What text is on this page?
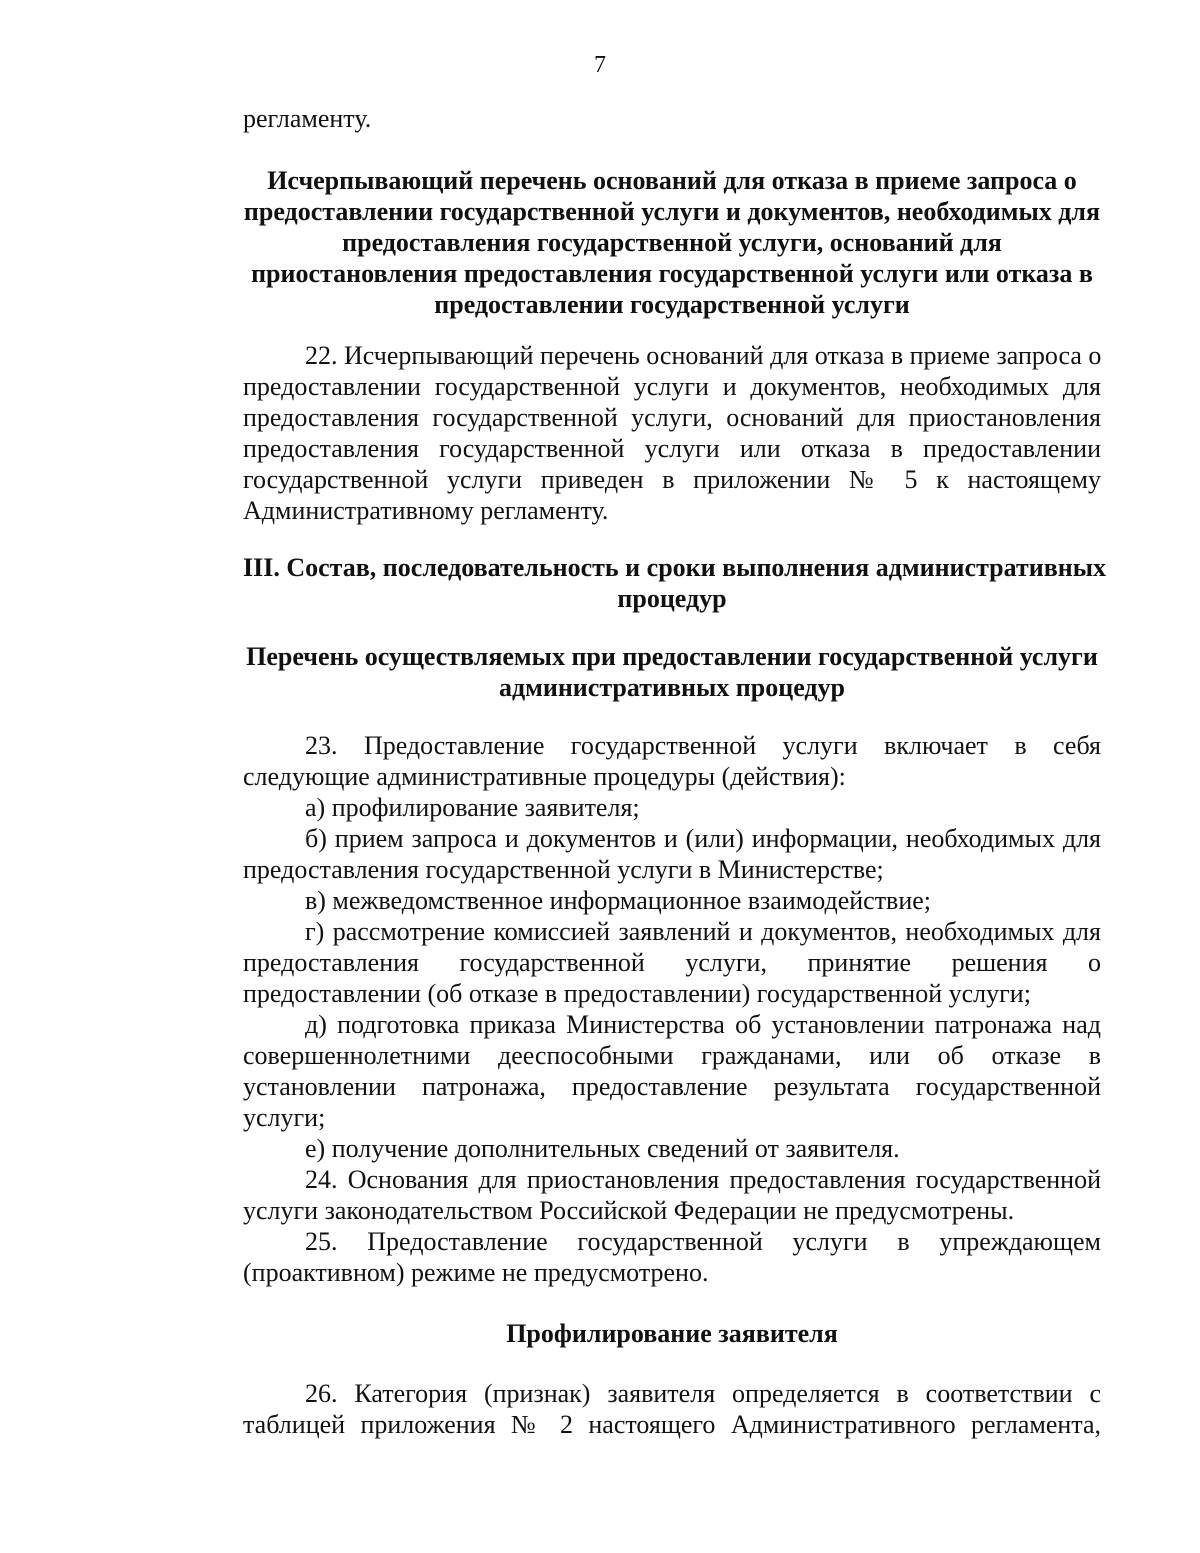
7
регламенту.
Исчерпывающий перечень оснований для отказа в приеме запроса о
предоставлении государственной услуги и документов, необходимых для
предоставления государственной услуги, оснований для
приостановления предоставления государственной услуги или отказа в
предоставлении государственной услуги
22. Исчерпывающий перечень оснований для отказа в приеме запроса о
предоставлении государственной услуги и документов, необходимых для
предоставления государственной услуги, оснований для приостановления
предоставления государственной услуги или отказа в предоставлении
государственной услуги приведен в приложении № 5 к настоящему
Административному регламенту.
III. Состав, последовательность и сроки выполнения административных
процедур
Перечень осуществляемых при предоставлении государственной услуги
административных процедур
23. Предоставление государственной услуги включает в себя
следующие административные процедуры (действия):
а) профилирование заявителя;
б) прием запроса и документов и (или) информации, необходимых для
предоставления государственной услуги в Министерстве;
в) межведомственное информационное взаимодействие;
г) рассмотрение комиссией заявлений и документов, необходимых для
предоставления государственной услуги, принятие решения о
предоставлении (об отказе в предоставлении) государственной услуги;
д) подготовка приказа Министерства об установлении патронажа над
совершеннолетними дееспособными гражданами, или об отказе в
установлении патронажа, предоставление результата государственной
услуги;
е) получение дополнительных сведений от заявителя.
24. Основания для приостановления предоставления государственной
услуги законодательством Российской Федерации не предусмотрены.
25. Предоставление государственной услуги в упреждающем
(проактивном) режиме не предусмотрено.
Профилирование заявителя
26. Категория (признак) заявителя определяется в соответствии с
таблицей приложения № 2 настоящего Административного регламента,
